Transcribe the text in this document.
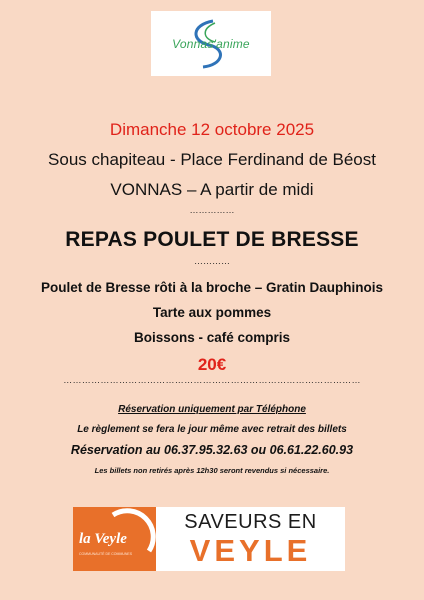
Vonnas'anime
Dimanche 12 octobre 2025
Sous chapiteau - Place Ferdinand de Béost
VONNAS – A partir de midi
……………
REPAS POULET DE BRESSE
…………
Poulet de Bresse rôti à la broche – Gratin Dauphinois
Tarte aux pommes
Boissons - café compris
20€
……………………………………………………………………………………
Réservation uniquement par Téléphone
Le règlement se fera le jour même avec retrait des billets
Réservation au 06.37.95.32.63 ou 06.61.22.60.93
Les billets non retirés après 12h30 seront revendus si nécessaire.
la Veyle
COMMUNAUTÉ DE COMMUNES
SAVEURS EN
VEYLE
